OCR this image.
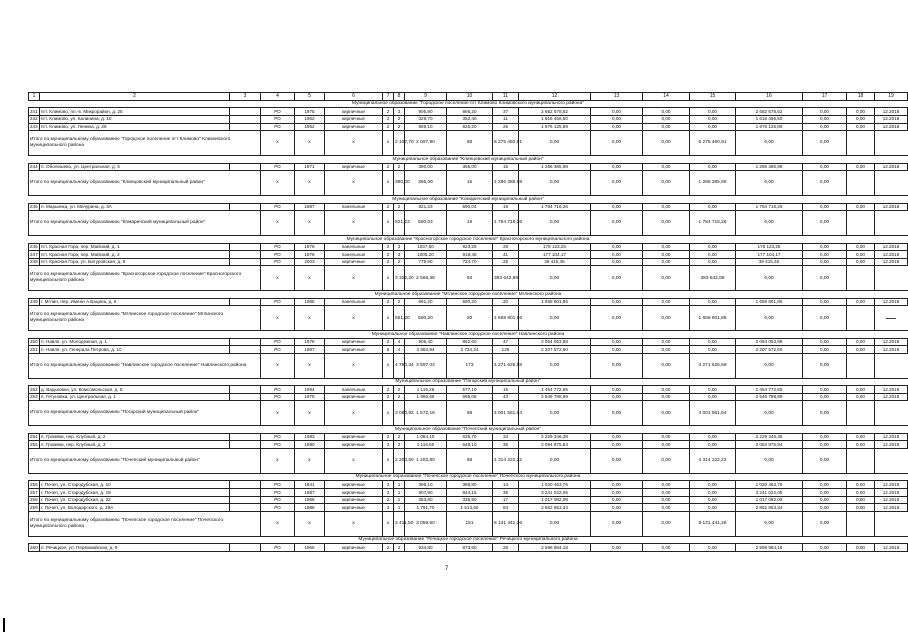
1	2	3	4	5	6	7	8	9	10	11	12	13	14	15	16	17	18	19
Муниципальное образование "Городское поселение пгт Климово Климовского муниципального района"																		
241	пгт. Климово, пл.-в. Микрорайон, д. 25		РО	1975	кирпичные	2	3	906,90	866,20	37	2 682 678,52	0,00	0,00	0,00	2 682 678,52	0,00	0,00	12.2018
242	пгт. Климово, ул. Калинина, д. 10		РО	1962	кирпичные	2	2	329,70	352,40	11	1 616 456,50	0,00	0,00	0,00	1 616 456,50	0,00	0,00	12.2018
243	пгт. Климово, ул. Ленина, д. 26		РО	1962	кирпичные	2	2	869,10	826,20	26	1 976 125,89	0,00	0,00	0,00	1 976 125,89	0,00	0,00	12.2018
Итого по муниципальному образованию "Городское поселение пгт Климово" Климовского муниципального района			х	х	х	х	2 107,70	2 097,80	69	6 275 460,91	0,00	0,00	0,00	6 275 460,91	0,00	0,00		
Муниципальное образование "Клинцовский муниципальный район"																		
244	п. Оболешево, ул. Центральная, д. 5		РО	1971	кирпичные	2	2	390,00	365,00	15	1 286 385,98	0,00	0,00	0,00	1 286 385,98	0,00	0,00	12.2018
Итого по муниципальному образованию "Клинцовский муниципальный район"			х	х	х	х	390,00	365,00	15	1 286 385,98	0,00	0,00	0,00	1 286 385,98	0,00	0,00		
Муниципальное образование "Комаричский муниципальный район"																		
246	п. Марьинка, ул. Мичурина, д. 3А		РО	1987	панельные	2	2	821,23	590,04	19	1 784 716,26	0,00	0,00	0,00	1 784 716,26	0,00	0,00	12.2018
Итого по муниципальному образованию "Комаричский муниципальный район"			х	х	х	х	821,23	590,04	19	1 784 716,26	0,00	0,00	0,00	1 784 716,26	0,00	0,00		
Муниципальное образование "Красногорское городское поселение" Красногорского муниципального района																		
246	пгт. Красная Гора, пер. Майский, д. 1		РО	1978	панельные	2	3	1037,50	923,26	28	178 123,26	0,00	0,00	0,00	178 123,26	0,00	0,00	12.2018
247	пгт. Красная Гора, пер. Майский, д. 3		РО	1976	панельные	2	3	1005,20	918,48	41	177 104,17	0,00	0,00	0,00	177 104,17	0,00	0,00	12.2018
248	пгт. Красная Гора, ул. Батуровская, д. 6		РО	2003	кирпичные	2	2	779,50	724,70	25	38 415,45	0,00	0,00	0,00	38 415,45	0,00	0,00	12.2018
Итого по муниципальному образованию "Красногорское городское поселение" Красногорского муниципального района			х	х	х	х	3 322,20	2 566,38	94	393 642,88	0,00	0,00	0,00	393 642,88	0,00	0,00		
Муниципальное образование "Мглинское городское поселение" Мглинского района																		
249	г. Мглин, пер. Имени А.Бацина, д. 6		РО	1985	панельные	2	2	661,20	590,20	20	1 658 801,86	0,00	0,00	0,00	1 658 801,86	0,00	0,00	12.2018
Итого по муниципальному образованию "Мглинское городское поселение" Мглинского муниципального района			х	х	х	х	661,20	590,20	20	1 658 801,86	0,00	0,00	0,00	1 658 801,86	0,00	0,00		
Муниципальное образование "Навлинское городское поселение" Навлинского района																		
250	п. Навля, ул. Молодежная, д. 1		РО	1978	кирпичные	2	4	906,40	862,60	47	2 064 053,98	0,00	0,00	0,00	2 064 053,98	0,00	0,00	12.2018
251	п. Навля, ул. Генерала Петрова, д. 10		РО	1987	кирпичные	5	4	3 883,94	2 734,24	126	2 207 572,60	0,00	0,00	0,00	2 207 572,60	0,00	0,00	12.2018
Итого по муниципальному образованию "Навлинское городское поселение" Навлинского района			х	х	х	х	4 790,34	3 597,04	173	4 271 626,58	0,00	0,00	0,00	4 271 626,58	0,00	0,00		
Муниципальное образование "Погарский муниципальный район"																		
252	д. Вадьковка, ул. Комсомольская, д. 5		РО	1994	панельные	2	2	1 115,26	577,10	15	1 454 772,65	0,00	0,00	0,00	1 454 772,65	0,00	0,00	12.2018
253	п. Гетуновка, ул. Центральная, д. 1		РО	1975	кирпичные	2	2	1 965,66	995,06	43	2 546 788,99	0,00	0,00	0,00	2 546 788,99	0,00	0,00	12.2018
Итого по муниципальному образованию "Погарский муниципальный район"			х	х	х	х	3 080,92	1 572,16	58	4 001 561,64	0,00	0,00	0,00	4 001 561,64	0,00	0,00		
Муниципальное образование "Почепский муниципальный район"																		
254	п. Громяки, пер. Клубный, д. 2		РО	1983	кирпичные	2	2	1 084,10	635,70	33	2 229 346,38	0,00	0,00	0,00	2 229 346,38	0,00	0,00	12.2018
255	п. Громяки, пер. Клубный, д. 3		РО	1990	кирпичные	2	2	1 116,50	648,10	35	2 084 875,84	0,00	0,00	0,00	2 084 875,84	0,00	0,00	12.2018
Итого по муниципальному образованию "Почепский муниципальный район"			х	х	х	х	2 200,60	1 283,80	68	4 314 222,22	0,00	0,00	0,00	4 314 222,22	0,00	0,00		
Муниципальное образование "Почепское городское поселение" Почепского муниципального района																		
256	г. Почеп, ул. Стародубская, д. 10		РО	1941	кирпичные	2	1	396,10	386,80	14	1 020 463,76	0,00	0,00	0,00	1 020 463,76	0,00	0,00	12.2018
257	г. Почеп, ул. Стародубская, д. 19		РО	1987	кирпичные	2	1	907,90	844,16	36	3 241 022,05	0,00	0,00	0,00	3 241 022,05	0,00	0,00	12.2018
258	г. Почеп, ул. Стародубская, д. 22		РО	1966	кирпичные	2	1	353,80	335,90	17	1 017 082,08	0,00	0,00	0,00	1 017 082,08	0,00	0,00	12.2018
259	г. Почеп, ул. Володарского, д. 29А		РО	1986	кирпичные	3	1	1 751,70	1 513,50	84	2 852 853,34	0,00	0,00	0,00	2 852 853,34	0,00	0,00	12.2018
Итого по муниципальному образованию "Почепское городское поселение" Почепского муниципального района			х	х	х	х	3 411,50	3 059,60	151	8 131 441,26	0,00	0,00	0,00	8 131 441,26	0,00	0,00		
Муниципальное образование "Речицкое городское поселение" Речицкого муниципального района																		
260	п. Речицкое, ул. Первомайская, д. 9		РО	1965	кирпичные	2	2	934,80	873,60	28	2 598 984,18	0,00	0,00	0,00	2 598 984,18	0,00	0,00	12.2018
7
